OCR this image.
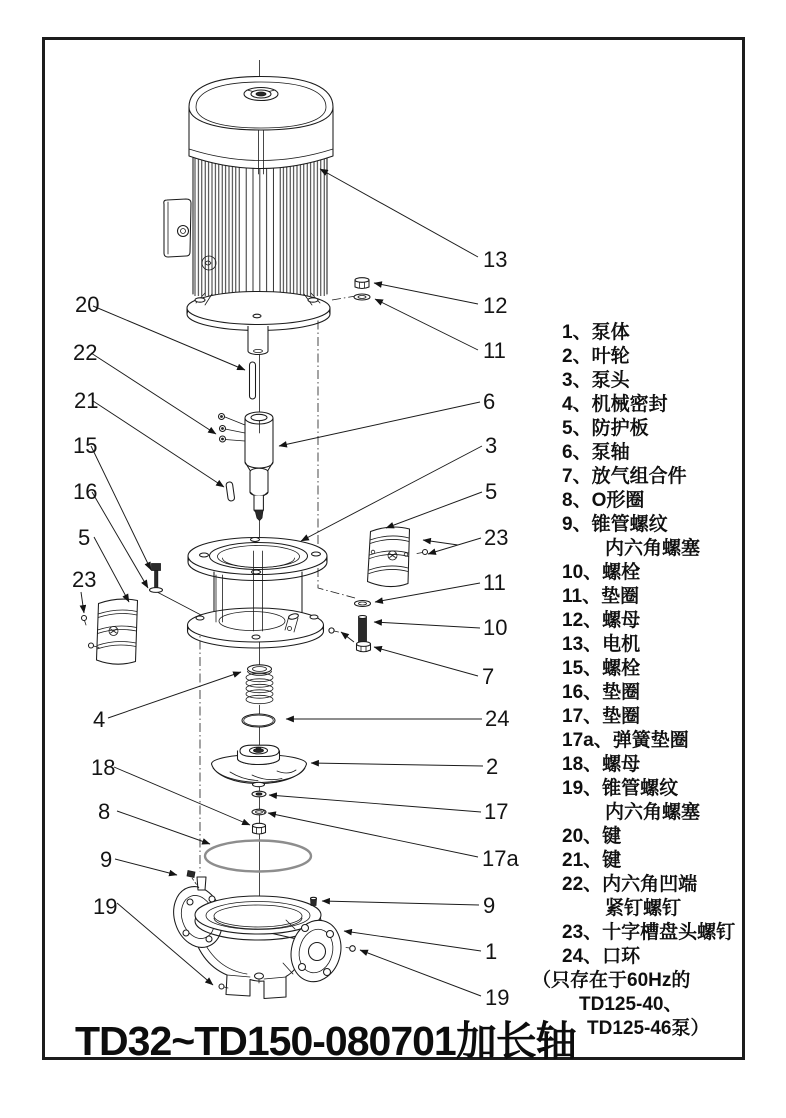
13
12
11
6
3
5
23
11
10
7
24
2
17
17a
9
1
19
20
22
21
15
16
5
23
4
18
8
9
19
1、泵体
2、叶轮
3、泵头
4、机械密封
5、防护板
6、泵轴
7、放气组合件
8、O形圈
9、锥管螺纹
内六角螺塞
10、螺栓
11、垫圈
12、螺母
13、电机
15、螺栓
16、垫圈
17、垫圈
17a、弹簧垫圈
18、螺母
19、锥管螺纹
内六角螺塞
20、键
21、键
22、内六角凹端
紧钉螺钉
23、十字槽盘头螺钉
24、口环
（只存在于60Hz的
TD125-40、
TD125-46泵）
TD32~TD150-080701加长轴
